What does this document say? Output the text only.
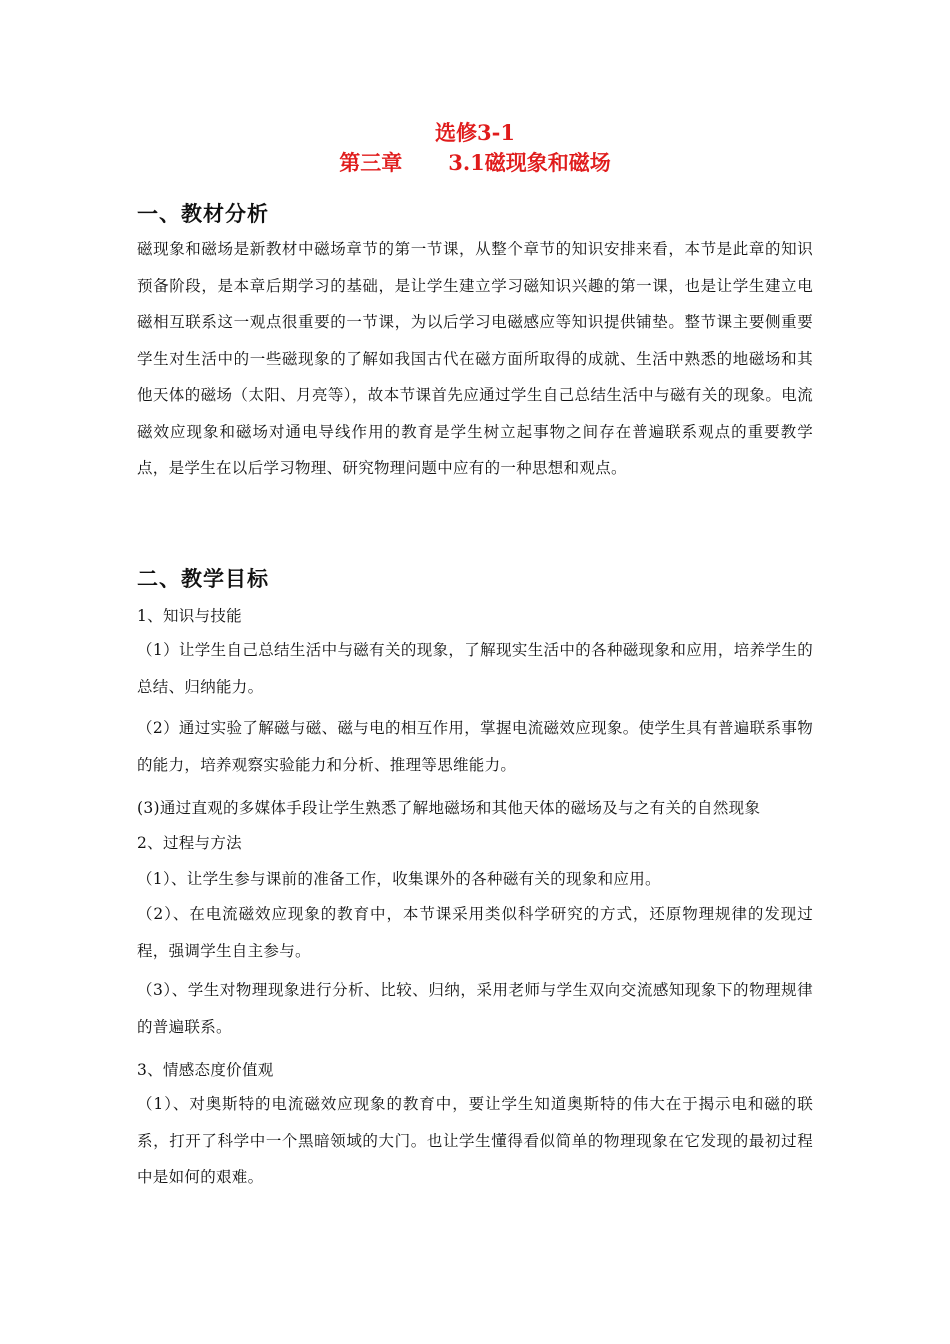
选修3-1
第三章 3.1磁现象和磁场
一、教材分析
磁现象和磁场是新教材中磁场章节的第一节课，从整个章节的知识安排来看，本节是此章的知识预备阶段，是本章后期学习的基础，是让学生建立学习磁知识兴趣的第一课，也是让学生建立电磁相互联系这一观点很重要的一节课，为以后学习电磁感应等知识提供铺垫。整节课主要侧重要学生对生活中的一些磁现象的了解如我国古代在磁方面所取得的成就、生活中熟悉的地磁场和其他天体的磁场（太阳、月亮等），故本节课首先应通过学生自己总结生活中与磁有关的现象。电流磁效应现象和磁场对通电导线作用的教育是学生树立起事物之间存在普遍联系观点的重要教学点，是学生在以后学习物理、研究物理问题中应有的一种思想和观点。
二、教学目标
1、知识与技能
（1）让学生自己总结生活中与磁有关的现象，了解现实生活中的各种磁现象和应用，培养学生的总结、归纳能力。
（2）通过实验了解磁与磁、磁与电的相互作用，掌握电流磁效应现象。使学生具有普遍联系事物的能力，培养观察实验能力和分析、推理等思维能力。
(3)通过直观的多媒体手段让学生熟悉了解地磁场和其他天体的磁场及与之有关的自然现象
2、过程与方法
（1）、让学生参与课前的准备工作，收集课外的各种磁有关的现象和应用。
（2）、在电流磁效应现象的教育中，本节课采用类似科学研究的方式，还原物理规律的发现过程，强调学生自主参与。
（3）、学生对物理现象进行分析、比较、归纳，采用老师与学生双向交流感知现象下的物理规律的普遍联系。
3、情感态度价值观
（1）、对奥斯特的电流磁效应现象的教育中，要让学生知道奥斯特的伟大在于揭示电和磁的联系，打开了科学中一个黑暗领域的大门。也让学生懂得看似简单的物理现象在它发现的最初过程中是如何的艰难。
